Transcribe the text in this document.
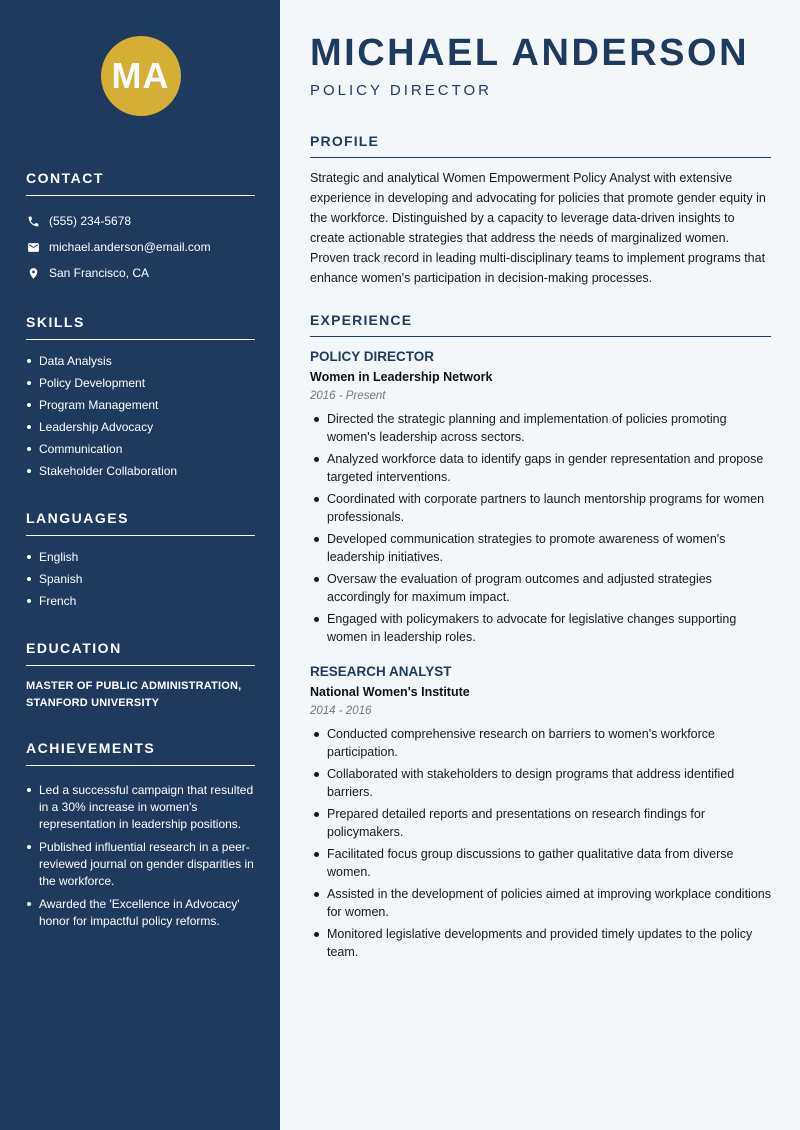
MA
CONTACT
(555) 234-5678
michael.anderson@email.com
San Francisco, CA
SKILLS
Data Analysis
Policy Development
Program Management
Leadership Advocacy
Communication
Stakeholder Collaboration
LANGUAGES
English
Spanish
French
EDUCATION
MASTER OF PUBLIC ADMINISTRATION, STANFORD UNIVERSITY
ACHIEVEMENTS
Led a successful campaign that resulted in a 30% increase in women's representation in leadership positions.
Published influential research in a peer-reviewed journal on gender disparities in the workforce.
Awarded the 'Excellence in Advocacy' honor for impactful policy reforms.
MICHAEL ANDERSON
POLICY DIRECTOR
PROFILE

Strategic and analytical Women Empowerment Policy Analyst with extensive experience in developing and advocating for policies that promote gender equity in the workforce. Distinguished by a capacity to leverage data-driven insights to create actionable strategies that address the needs of marginalized women. Proven track record in leading multi-disciplinary teams to implement programs that enhance women's participation in decision-making processes.

EXPERIENCE
POLICY DIRECTOR
Women in Leadership Network
2016 - Present
Directed the strategic planning and implementation of policies promoting women's leadership across sectors.
Analyzed workforce data to identify gaps in gender representation and propose targeted interventions.
Coordinated with corporate partners to launch mentorship programs for women professionals.
Developed communication strategies to promote awareness of women's leadership initiatives.
Oversaw the evaluation of program outcomes and adjusted strategies accordingly for maximum impact.
Engaged with policymakers to advocate for legislative changes supporting women in leadership roles.
RESEARCH ANALYST
National Women's Institute
2014 - 2016
Conducted comprehensive research on barriers to women's workforce participation.
Collaborated with stakeholders to design programs that address identified barriers.
Prepared detailed reports and presentations on research findings for policymakers.
Facilitated focus group discussions to gather qualitative data from diverse women.
Assisted in the development of policies aimed at improving workplace conditions for women.
Monitored legislative developments and provided timely updates to the policy team.
